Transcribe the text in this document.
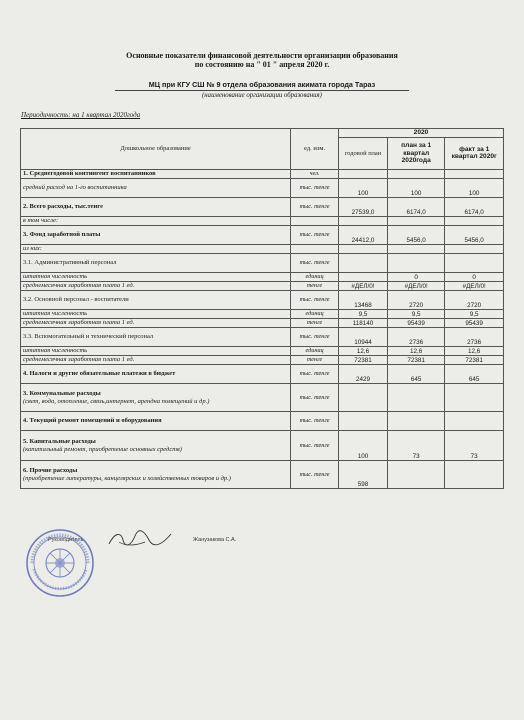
Основные показатели финансовой деятельности организации образования
по состоянию на " 01 " апреля 2020 г.
МЦ при КГУ СШ № 9 отдела образования акимата города Тараз
(наименование организации образования)
Периодичность: на 1 квартал 2020года
Дошкольное образование	ед. изм.	2020		
		годовой план	план за 1 квартал 2020года	факт за 1 квартал 2020г
1. Среднегодовой контингент воспитанников	чел.			
средний расход на 1-го воспитанника	тыс. тенге	100	100	100
2. Всего расходы, тыс.тенге	тыс. тенге	27539,0	6174,0	6174,0
в том числе:				
3. Фонд заработной платы	тыс. тенге	24412,0	5456,0	5456,0
из них:				
3.1. Административный персонал	тыс. тенге			
штатная численность	единиц		0	0
среднемесячная заработная плата 1 ед.	тенге	#ДЕЛ/0!	#ДЕЛ/0!	#ДЕЛ/0!
3.2. Основной персонал - воспитатели	тыс. тенге	13468	2720	2720
штатная численность	единиц	9,5	9,5	9,5
среднемесячная заработная плата 1 ед.	тенге	118140	95439	95439
3.3. Вспомогательный и технический персонал	тыс. тенге	10944	2736	2736
штатная численность	единиц	12,6	12,6	12,6
среднемесячная заработная плата 1 ед.	тенге	72381	72381	72381
4. Налоги и другие обязательные платежи в бюджет	тыс. тенге	2429	645	645
3. Коммунальные расходы
(свет, вода, отопление, связь,интернет, арендна помещений и др.)	тыс. тенге			
4. Текущий ремонт помещений и оборудования	тыс. тенге			
5. Капитальные расходы
(капитальный ремонт, приобретение основных средств)	тыс. тенге	100	73	73
6. Прочие расходы
(приобретение литературы, канцелярских и хозяйственных товаров и др.)	тыс. тенге	598		
Руководитель	Жанузакова С.А.
